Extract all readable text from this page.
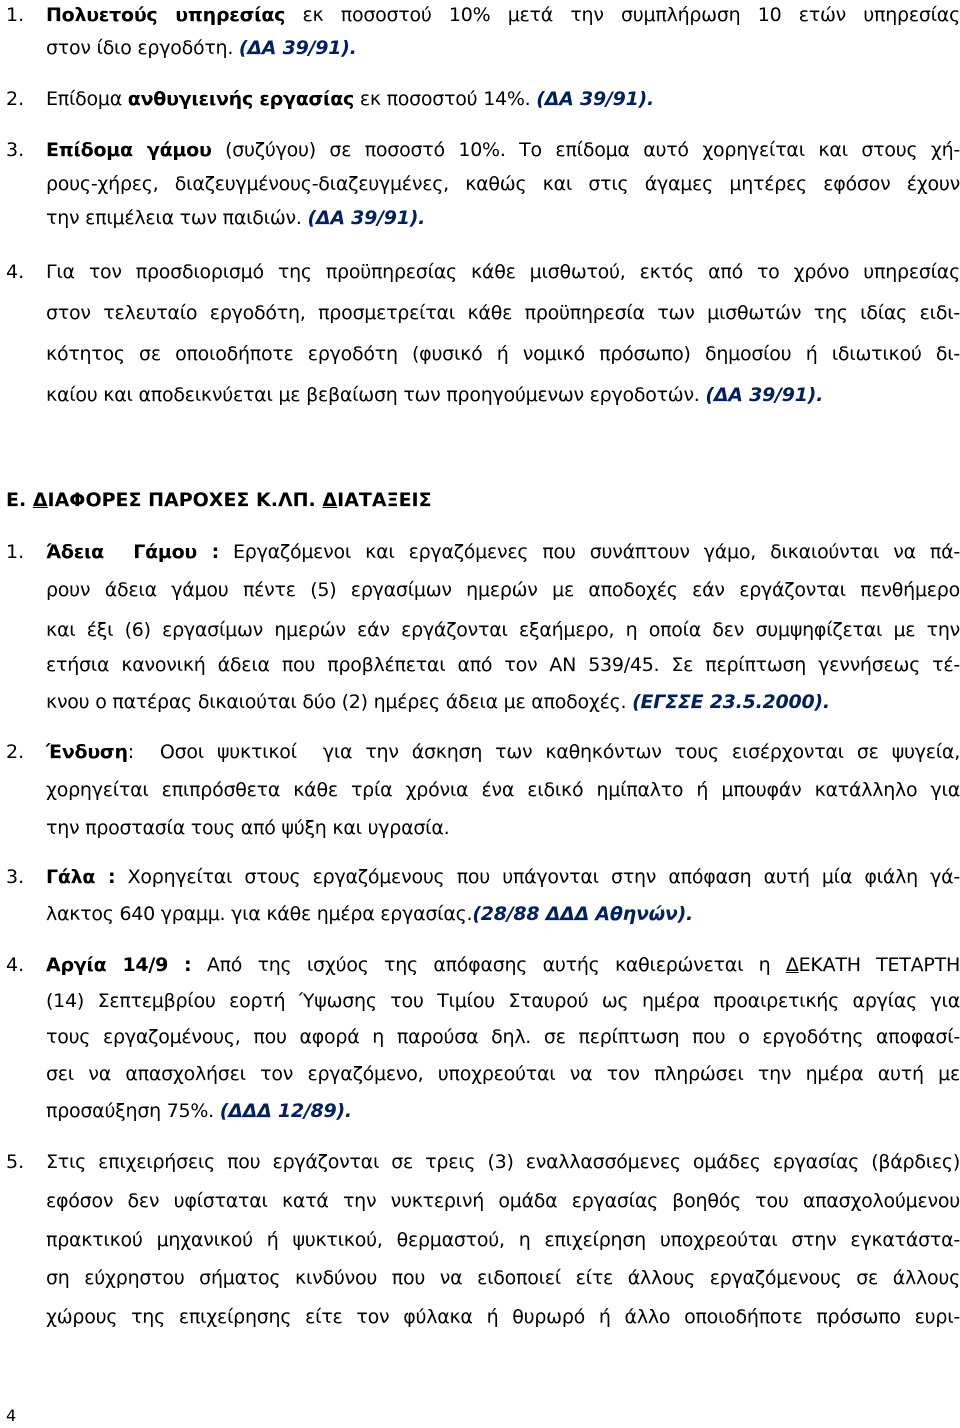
1. Πολυετούς υπηρεσίας εκ ποσοστού 10% μετά την συμπλήρωση 10 ετών υπηρεσίας
στον ίδιο εργοδότη. (ΔΑ 39/91).
2. Επίδομα ανθυγιεινής εργασίας εκ ποσοστού 14%. (ΔΑ 39/91).
3. Επίδομα γάμου (συζύγου) σε ποσοστό 10%. Το επίδομα αυτό χορηγείται και στους χή-
ρους-χήρες, διαζευγμένους-διαζευγμένες, καθώς και στις άγαμες μητέρες εφόσον έχουν
την επιμέλεια των παιδιών. (ΔΑ 39/91).
4. Για τον προσδιορισμό της προϋπηρεσίας κάθε μισθωτού, εκτός από το χρόνο υπηρεσίας
στον τελευταίο εργοδότη, προσμετρείται κάθε προϋπηρεσία των μισθωτών της ιδίας ειδι-
κότητος σε οποιοδήποτε εργοδότη (φυσικό ή νομικό πρόσωπο) δημοσίου ή ιδιωτικού δι-
καίου και αποδεικνύεται με βεβαίωση των προηγούμενων εργοδοτών. (ΔΑ 39/91).
Ε. ΔΙΑΦΟΡΕΣ ΠΑΡΟΧΕΣ Κ.ΛΠ. ΔΙΑΤΑΞΕΙΣ
1. Άδεια  Γάμου : Εργαζόμενοι και εργαζόμενες που συνάπτουν γάμο, δικαιούνται να πά-
ρουν άδεια γάμου πέντε (5) εργασίμων ημερών με αποδοχές εάν εργάζονται πενθήμερο
και έξι (6) εργασίμων ημερών εάν εργάζονται εξαήμερο, η οποία δεν συμψηφίζεται με την
ετήσια κανονική άδεια που προβλέπεται από τον ΑΝ 539/45. Σε περίπτωση γεννήσεως τέ-
κνου ο πατέρας δικαιούται δύο (2) ημέρες άδεια με αποδοχές. (ΕΓΣΣΕ 23.5.2000).
2. Ένδυση:  Οσοι ψυκτικοί  για την άσκηση των καθηκόντων τους εισέρχονται σε ψυγεία,
χορηγείται επιπρόσθετα κάθε τρία χρόνια ένα ειδικό ημίπαλτο ή μπουφάν κατάλληλο για
την προστασία τους από ψύξη και υγρασία.
3. Γάλα : Χορηγείται στους εργαζόμενους που υπάγονται στην απόφαση αυτή μία φιάλη γά-
λακτος 640 γραμμ. για κάθε ημέρα εργασίας.(28/88 ΔΔΔ Αθηνών).
4. Αργία 14/9 : Από της ισχύος της απόφασης αυτής καθιερώνεται η ΔΕΚΑΤΗ ΤΕΤΑΡΤΗ
(14) Σεπτεμβρίου εορτή Ύψωσης του Τιμίου Σταυρού ως ημέρα προαιρετικής αργίας για
τους εργαζομένους, που αφορά η παρούσα δηλ. σε περίπτωση που ο εργοδότης αποφασί-
σει να απασχολήσει τον εργαζόμενο, υποχρεούται να τον πληρώσει την ημέρα αυτή με
προσαύξηση 75%. (ΔΔΔ 12/89).
5. Στις επιχειρήσεις που εργάζονται σε τρεις (3) εναλλασσόμενες ομάδες εργασίας (βάρδιες)
εφόσον δεν υφίσταται κατά την νυκτερινή ομάδα εργασίας βοηθός του απασχολούμενου
πρακτικού μηχανικού ή ψυκτικού, θερμαστού, η επιχείρηση υποχρεούται στην εγκατάστα-
ση εύχρηστου σήματος κινδύνου που να ειδοποιεί είτε άλλους εργαζόμενους σε άλλους
χώρους της επιχείρησης είτε τον φύλακα ή θυρωρό ή άλλο οποιοδήποτε πρόσωπο ευρι-
4
